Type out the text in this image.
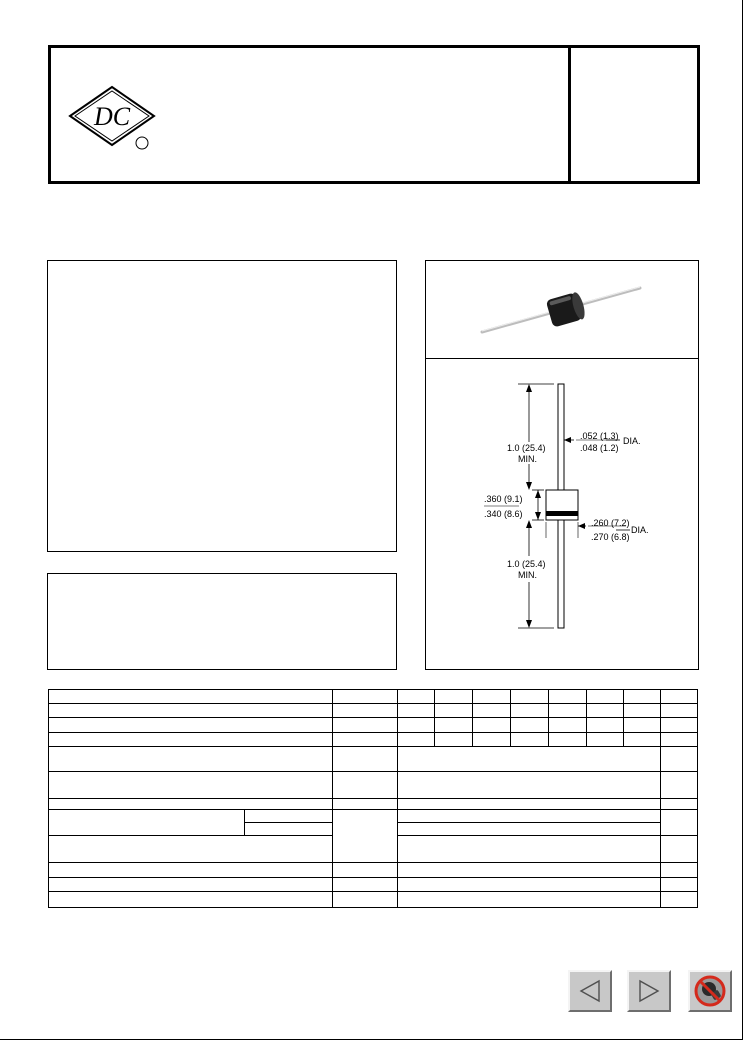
DC
.052 (1.3)
.048 (1.2)
DIA.
1.0 (25.4)
MIN.
.360 (9.1)
.340 (8.6)
.260 (7.2)
.270 (6.8)
DIA.
1.0 (25.4)
MIN.
